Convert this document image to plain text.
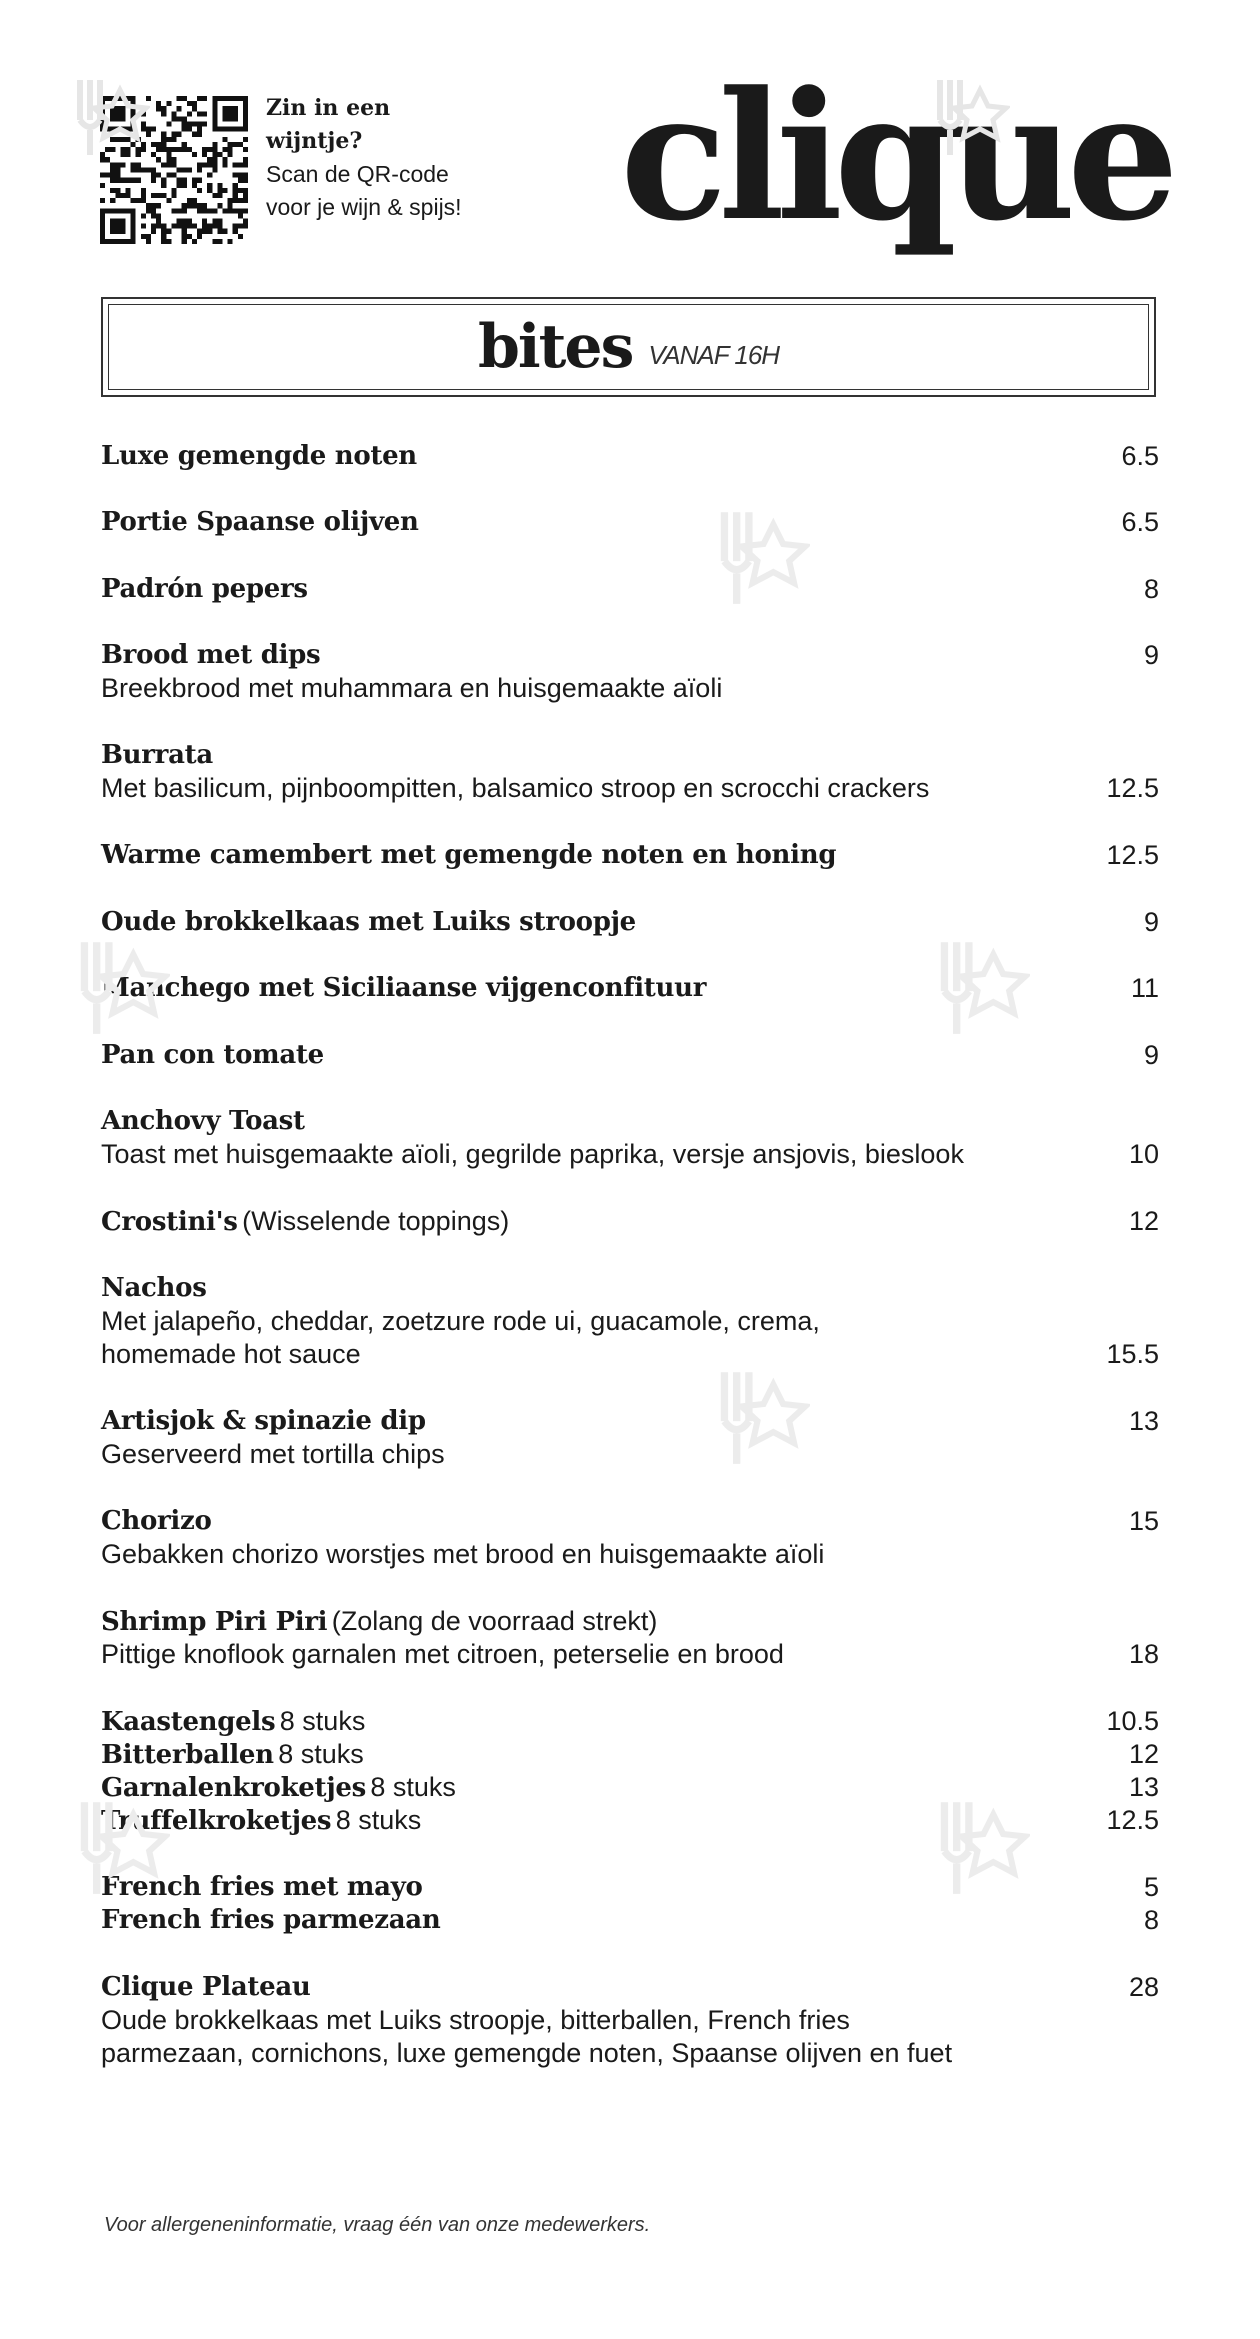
Zin in een
wijntje?
Scan de QR-code
voor je wijn & spijs! clique
bites VANAF 16H
Luxe gemengde noten	6.5
Portie Spaanse olijven	6.5
Padrón pepers	8
Brood met dips	9
Breekbrood met muhammara en huisgemaakte aïoli
Burrata
Met basilicum, pijnboompitten, balsamico stroop en scrocchi crackers	12.5
Warme camembert met gemengde noten en honing	12.5
Oude brokkelkaas met Luiks stroopje	9
Manchego met Siciliaanse vijgenconfituur	11
Pan con tomate	9
Anchovy Toast
Toast met huisgemaakte aïoli, gegrilde paprika, versje ansjovis, bieslook	10
Crostini's (Wisselende toppings)	12
Nachos
Met jalapeño, cheddar, zoetzure rode ui, guacamole, crema,
homemade hot sauce	15.5
Artisjok & spinazie dip	13
Geserveerd met tortilla chips
Chorizo	15
Gebakken chorizo worstjes met brood en huisgemaakte aïoli
Shrimp Piri Piri (Zolang de voorraad strekt)
Pittige knoflook garnalen met citroen, peterselie en brood	18
Kaastengels 8 stuks	10.5
Bitterballen 8 stuks	12
Garnalenkroketjes 8 stuks	13
Truffelkroketjes 8 stuks	12.5
French fries met mayo	5
French fries parmezaan	8
Clique Plateau	28
Oude brokkelkaas met Luiks stroopje, bitterballen, French fries
parmezaan, cornichons, luxe gemengde noten, Spaanse olijven en fuet
Voor allergeneninformatie, vraag één van onze medewerkers.
